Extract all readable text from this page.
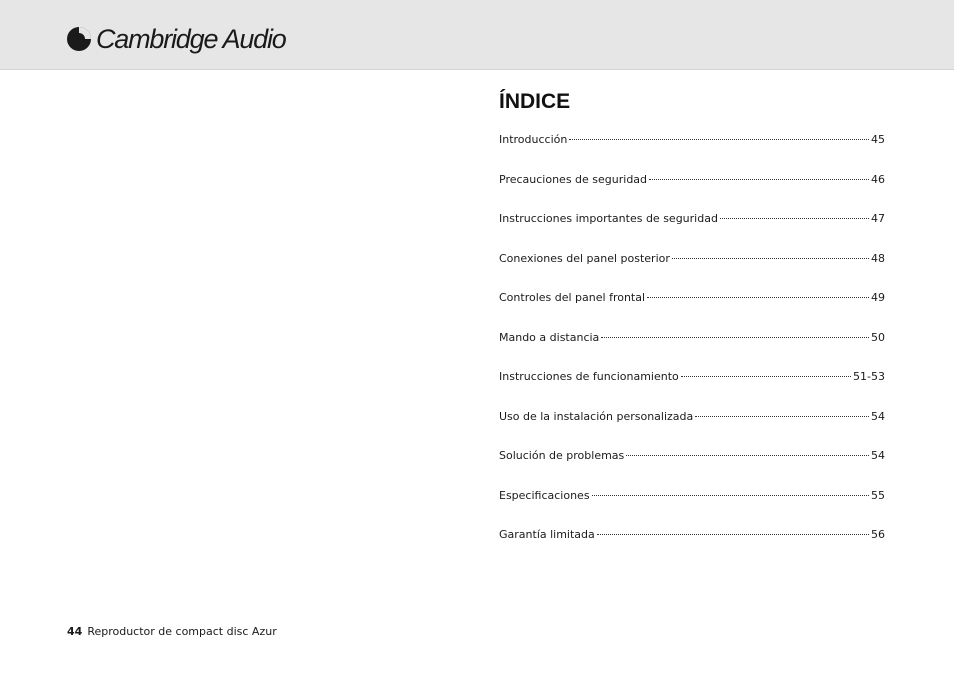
Cambridge Audio
ÍNDICE
Introducción	45
Precauciones de seguridad	46
Instrucciones importantes de seguridad	47
Conexiones del panel posterior	48
Controles del panel frontal	49
Mando a distancia	50
Instrucciones de funcionamiento	51-53
Uso de la instalación personalizada	54
Solución de problemas	54
Especificaciones	55
Garantía limitada	56
44 Reproductor de compact disc Azur
